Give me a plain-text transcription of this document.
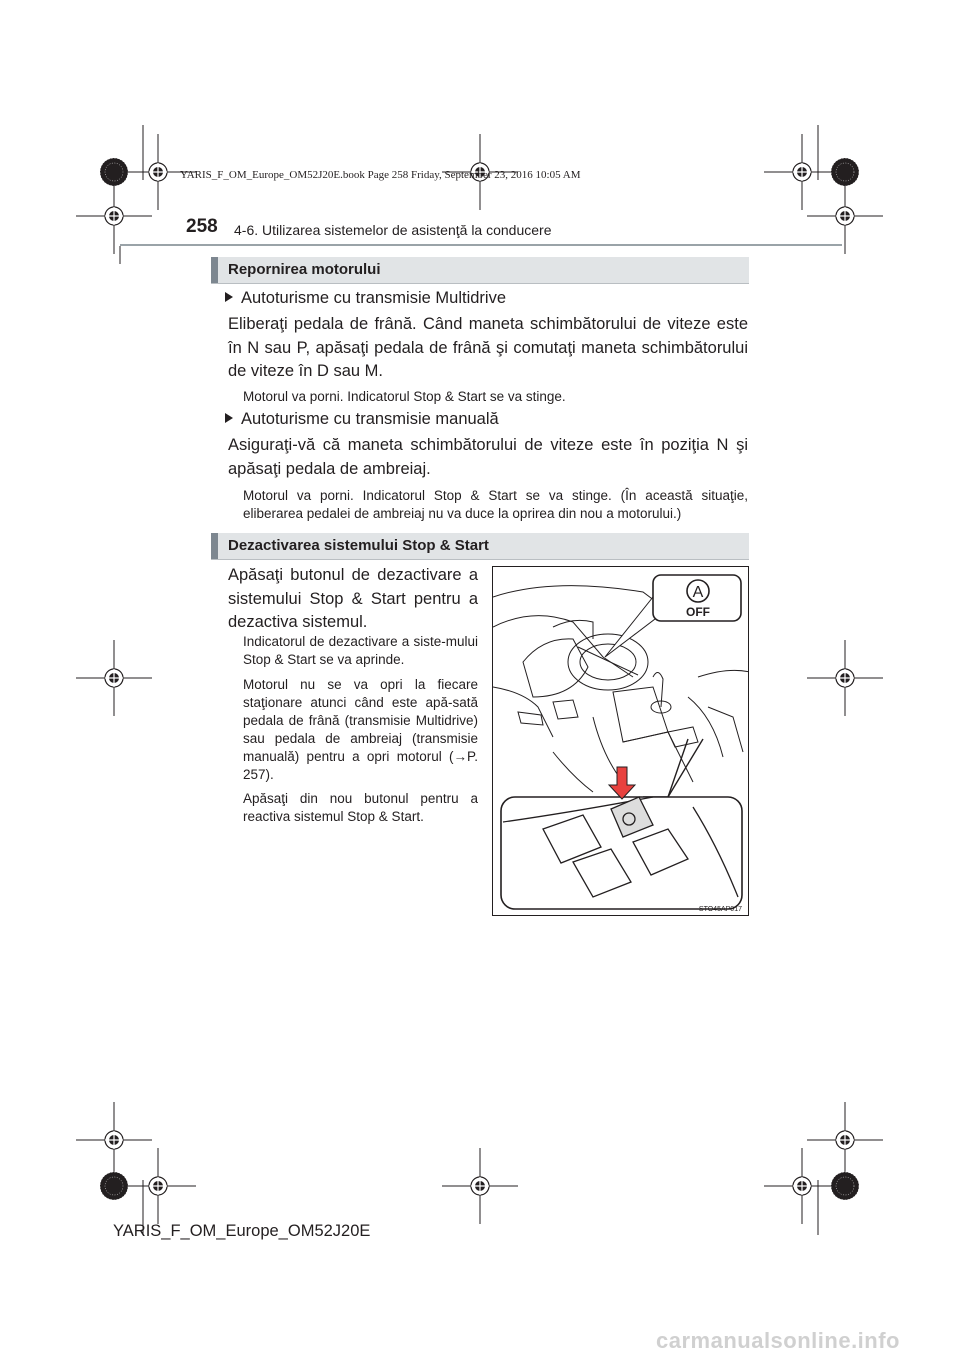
YARIS_F_OM_Europe_OM52J20E.book Page 258 Friday, September 23, 2016 10:05 AM
258 4-6. Utilizarea sistemelor de asistenţă la conducere
Repornirea motorului
Autoturisme cu transmisie Multidrive
Eliberaţi pedala de frână. Când maneta schimbătorului de viteze este în N sau P, apăsaţi pedala de frână şi comutaţi maneta schimbătorului de viteze în D sau M.
Motorul va porni. Indicatorul Stop & Start se va stinge.
Autoturisme cu transmisie manuală
Asiguraţi-vă că maneta schimbătorului de viteze este în poziţia N şi apăsaţi pedala de ambreiaj.
Motorul va porni. Indicatorul Stop & Start se va stinge. (În această situaţie, eliberarea pedalei de ambreiaj nu va duce la oprirea din nou a motorului.)
Dezactivarea sistemului Stop & Start
Apăsaţi butonul de dezactivare a sistemului Stop & Start pentru a dezactiva sistemul.
Indicatorul de dezactivare a siste-mului Stop & Start se va aprinde.
Motorul nu se va opri la fiecare staţionare atunci când este apă-sată pedala de frână (transmisie Multidrive) sau pedala de ambreiaj (transmisie manuală) pentru a opri motorul (→P. 257).
Apăsaţi din nou butonul pentru a reactiva sistemul Stop & Start.
A
OFF
STO45AP017
YARIS_F_OM_Europe_OM52J20E
carmanualsonline.info
